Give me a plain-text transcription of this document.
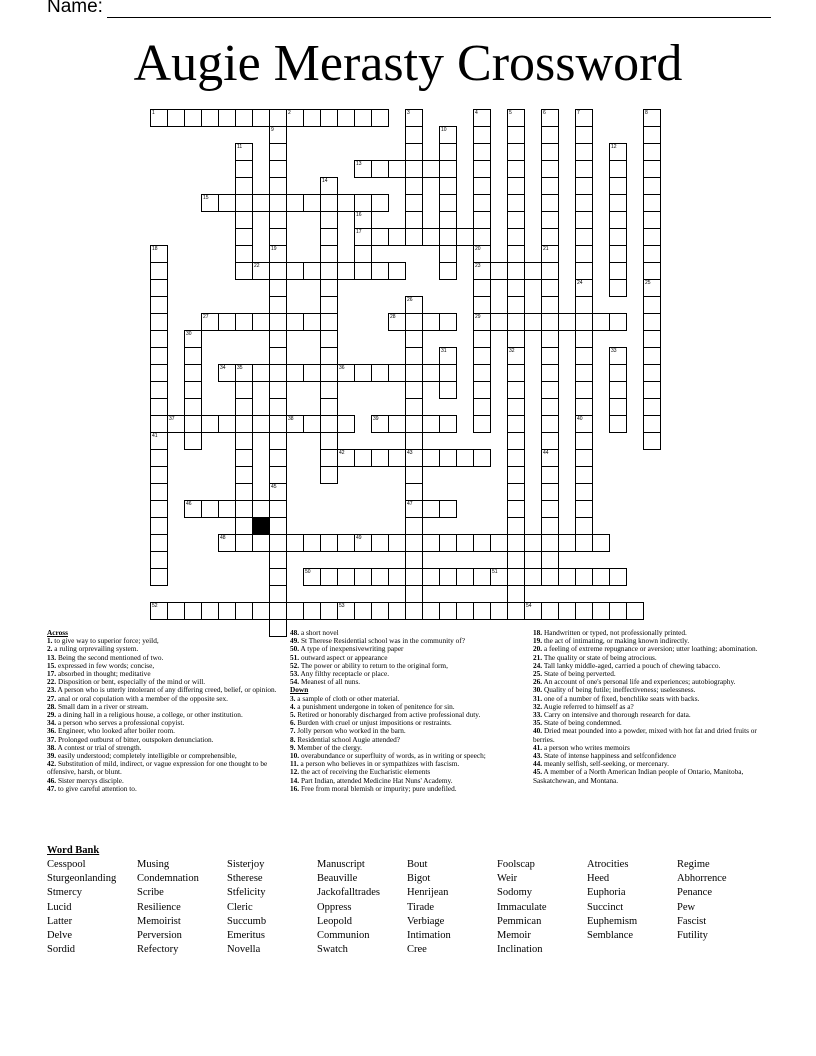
Name:
Augie Merasty Crossword
1	2	3	4
20
23
29
5
32
6
21
7
24
8
25
9
19
10
11	12
13
14
15
16
17
18
41
45
44
22
40
26
27	28
30
31	33
34 35	36
37	38	39
42	43
47
46
48	49
50	51
52	53	54
Across
1. to give way to superior force; yeild,
2. a ruling orprevailing system.
13. Being the second mentioned of two.
15. expressed in few words; concise,
17. absorbed in thought; meditative
22. Disposition or bent, especially of the mind or will.
23. A person who is utterly intolerant of any differing creed, belief, or opinion.
27. anal or oral copulation with a member of the opposite sex.
28. Small dam in a river or stream.
29. a dining hall in a religious house, a college, or other institution.
34. a person who serves a professional copyist.
36. Engineer, who looked after boiler room.
37. Prolonged outburst of bitter, outspoken denunciation.
38. A contest or trial of strength.
39. easily understood; completely intelligible or comprehensible,
42. Substitution of mild, indirect, or vague expression for one thought to be offensive, harsh, or blunt.
46. Sister mercys disciple.
47. to give careful attention to.
48. a short novel
49. St Therese Residential school was in the community of?
50. A type of inexpensivewriting paper
51. outward aspect or appearance
52. The power or ability to return to the original form,
53. Any filthy receptacle or place.
54. Meanest of all nuns.
Down
3. a sample of cloth or other material.
4. a punishment undergone in token of penitence for sin.
5. Retired or honorably discharged from active professional duty.
6. Burden with cruel or unjust impositions or restraints.
7. Jolly person who worked in the barn.
8. Residential school Augie attended?
9. Member of the clergy.
10. overabundance or superfluity of words, as in writing or speech;
11. a person who believes in or sympathizes with fascism.
12. the act of receiving the Eucharistic elements
14. Part Indian, attended Medicine Hat Nuns' Academy.
16. Free from moral blemish or impurity; pure undefiled.
18. Handwritten or typed, not professionally printed.
19. the act of intimating, or making known indirectly.
20. a feeling of extreme repugnance or aversion; utter loathing; abomination.
21. The quality or state of being atrocious.
24. Tall lanky middle-aged, carried a pouch of chewing tabacco.
25. State of being perverted.
26. An account of one's personal life and experiences; autobiography.
30. Quality of being futile; ineffectiveness; uselessness.
31. one of a number of fixed, benchlike seats with backs.
32. Augie referred to himself as a?
33. Carry on intensive and thorough research for data.
35. State of being condemned.
40. Dried meat pounded into a powder, mixed with hot fat and dried fruits or berries.
41. a person who writes memoirs
43. State of intense happiness and selfconfidence
44. meanly selfish, self-seeking, or mercenary.
45. A member of a North American Indian people of Ontario, Manitoba, Saskatchewan, and Montana.
Word Bank
Cesspool	Musing	Sisterjoy	Manuscript	Bout	Foolscap	Atrocities	Regime
Sturgeonlanding	Condemnation	Stherese	Beauville	Bigot	Weir	Heed	Abhorrence
Stmercy	Scribe	Stfelicity	Jackofalltrades	Henrijean	Sodomy	Euphoria	Penance
Lucid	Resilience	Cleric	Oppress	Tirade	Immaculate	Succinct	Pew
Latter	Memoirist	Succumb	Leopold	Verbiage	Pemmican	Euphemism	Fascist
Delve	Perversion	Emeritus	Communion	Intimation	Memoir	Semblance	Futility
Sordid	Refectory	Novella	Swatch	Cree	Inclination
